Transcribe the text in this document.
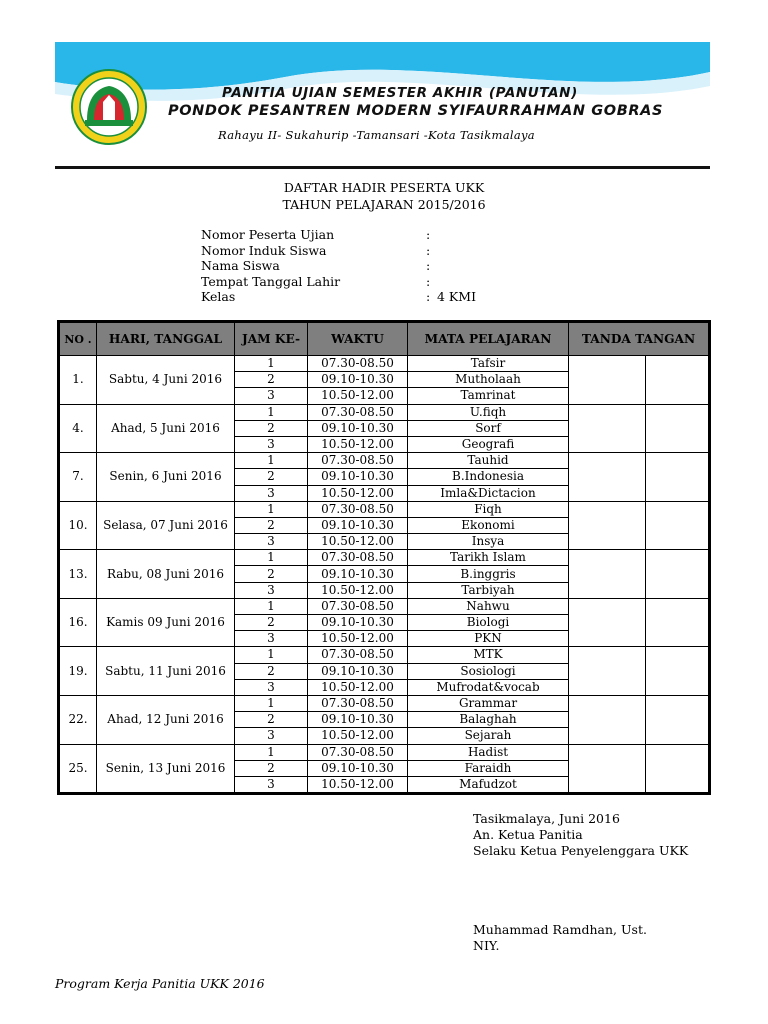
PANITIA UJIAN SEMESTER AKHIR (PANUTAN)
PONDOK PESANTREN MODERN SYIFAURRAHMAN GOBRAS
Rahayu II- Sukahurip -Tamansari -Kota Tasikmalaya
DAFTAR HADIR PESERTA UKK
TAHUN PELAJARAN 2015/2016
Nomor Peserta Ujian	:
Nomor Induk Siswa	:
Nama Siswa	:
Tempat Tanggal Lahir	:
Kelas	: 4 KMI
NO .	HARI, TANGGAL	JAM KE-	WAKTU	MATA PELAJARAN	TANDA TANGAN	
1.	Sabtu, 4 Juni 2016	1	07.30-08.50	Tafsir		
		2	09.10-10.30	Mutholaah		
		3	10.50-12.00	Tamrinat		
4.	Ahad, 5 Juni 2016	1	07.30-08.50	U.fiqh		
		2	09.10-10.30	Sorf		
		3	10.50-12.00	Geografi		
7.	Senin, 6 Juni 2016	1	07.30-08.50	Tauhid		
		2	09.10-10.30	B.Indonesia		
		3	10.50-12.00	Imla&Dictacion		
10.	Selasa, 07 Juni 2016	1	07.30-08.50	Fiqh		
		2	09.10-10.30	Ekonomi		
		3	10.50-12.00	Insya		
13.	Rabu, 08 Juni 2016	1	07.30-08.50	Tarikh Islam		
		2	09.10-10.30	B.inggris		
		3	10.50-12.00	Tarbiyah		
16.	Kamis 09 Juni 2016	1	07.30-08.50	Nahwu		
		2	09.10-10.30	Biologi		
		3	10.50-12.00	PKN		
19.	Sabtu, 11 Juni 2016	1	07.30-08.50	MTK		
		2	09.10-10.30	Sosiologi		
		3	10.50-12.00	Mufrodat&vocab		
22.	Ahad, 12 Juni 2016	1	07.30-08.50	Grammar		
		2	09.10-10.30	Balaghah		
		3	10.50-12.00	Sejarah		
25.	Senin, 13 Juni 2016	1	07.30-08.50	Hadist		
		2	09.10-10.30	Faraidh		
		3	10.50-12.00	Mafudzot		
Tasikmalaya, Juni 2016
An. Ketua Panitia
Selaku Ketua Penyelenggara UKK
Muhammad Ramdhan, Ust.
NIY.
Program Kerja Panitia UKK 2016
